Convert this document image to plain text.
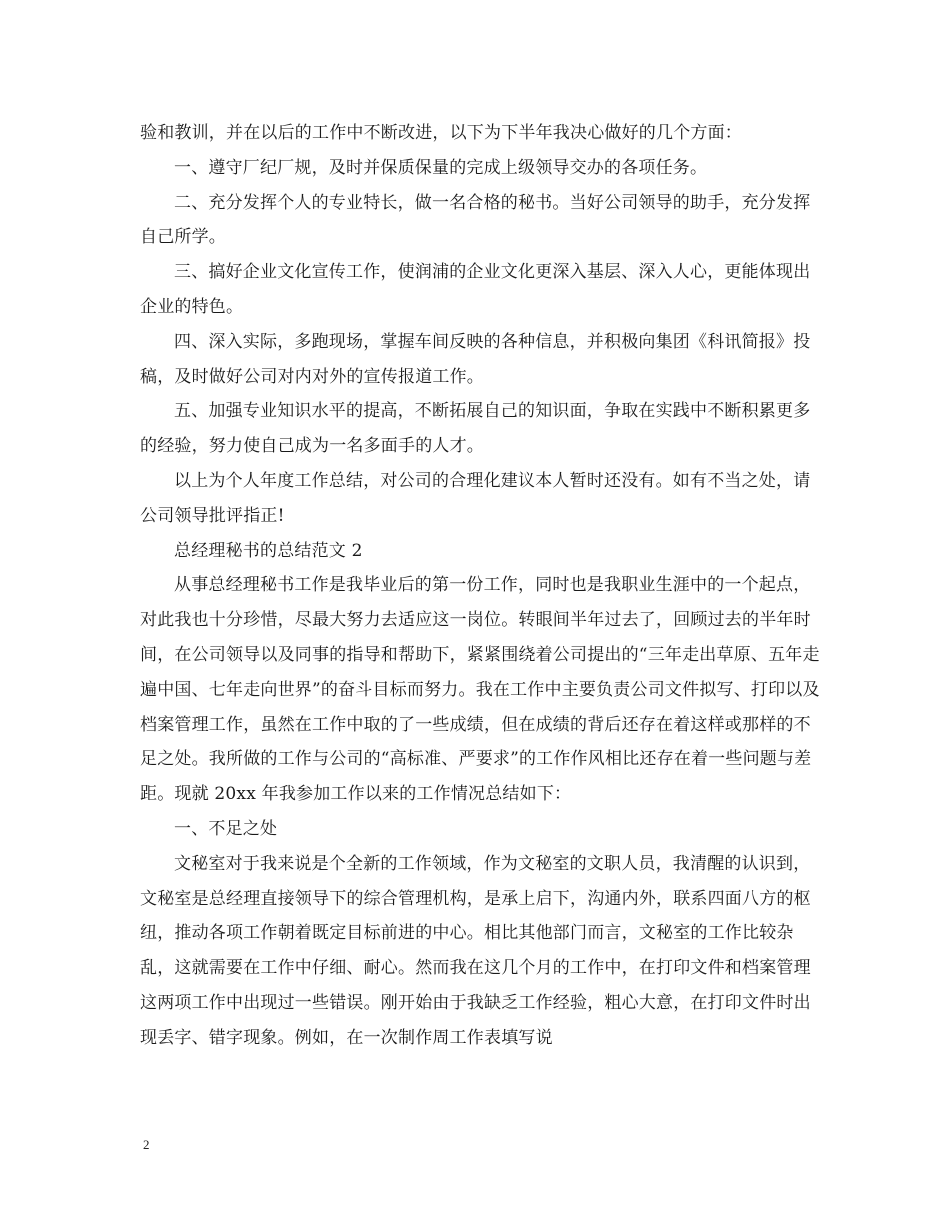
验和教训，并在以后的工作中不断改进，以下为下半年我决心做好的几个方面：

一、遵守厂纪厂规，及时并保质保量的完成上级领导交办的各项任务。

二、充分发挥个人的专业特长，做一名合格的秘书。当好公司领导的助手，充分发挥自己所学。

三、搞好企业文化宣传工作，使润浦的企业文化更深入基层、深入人心，更能体现出企业的特色。

四、深入实际，多跑现场，掌握车间反映的各种信息，并积极向集团《科讯简报》投稿，及时做好公司对内对外的宣传报道工作。

五、加强专业知识水平的提高，不断拓展自己的知识面，争取在实践中不断积累更多的经验，努力使自己成为一名多面手的人才。

以上为个人年度工作总结，对公司的合理化建议本人暂时还没有。如有不当之处，请公司领导批评指正!

总经理秘书的总结范文 2

从事总经理秘书工作是我毕业后的第一份工作，同时也是我职业生涯中的一个起点，对此我也十分珍惜，尽最大努力去适应这一岗位。转眼间半年过去了，回顾过去的半年时间，在公司领导以及同事的指导和帮助下，紧紧围绕着公司提出的“三年走出草原、五年走遍中国、七年走向世界”的奋斗目标而努力。我在工作中主要负责公司文件拟写、打印以及档案管理工作，虽然在工作中取的了一些成绩，但在成绩的背后还存在着这样或那样的不足之处。我所做的工作与公司的“高标准、严要求”的工作作风相比还存在着一些问题与差距。现就 20xx 年我参加工作以来的工作情况总结如下：

一、不足之处

文秘室对于我来说是个全新的工作领域，作为文秘室的文职人员，我清醒的认识到，文秘室是总经理直接领导下的综合管理机构，是承上启下，沟通内外，联系四面八方的枢纽，推动各项工作朝着既定目标前进的中心。相比其他部门而言，文秘室的工作比较杂乱，这就需要在工作中仔细、耐心。然而我在这几个月的工作中，在打印文件和档案管理这两项工作中出现过一些错误。刚开始由于我缺乏工作经验，粗心大意，在打印文件时出现丢字、错字现象。例如，在一次制作周工作表填写说

2
